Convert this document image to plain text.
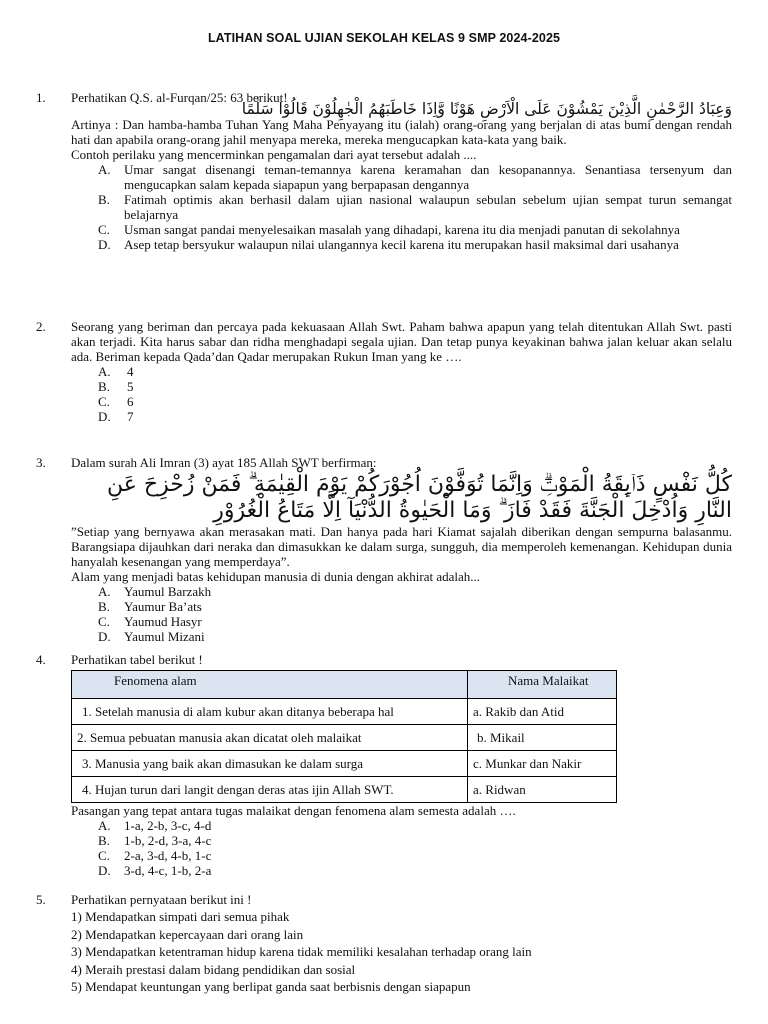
LATIHAN SOAL UJIAN SEKOLAH KELAS 9 SMP 2024-2025
1. Perhatikan Q.S. al-Furqan/25: 63 berikut!
وَعِبَادُ الرَّحْمٰنِ الَّذِيْنَ يَمْشُوْنَ عَلَى الْاَرْضِ هَوْنًا وَّاِذَا خَاطَبَهُمُ الْجٰهِلُوْنَ قَالُوْا سَلٰمًا
Artinya : Dan hamba-hamba Tuhan Yang Maha Penyayang itu (ialah) orang-orang yang berjalan di atas bumi dengan rendah hati dan apabila orang-orang jahil menyapa mereka, mereka mengucapkan kata-kata yang baik.
Contoh perilaku yang mencerminkan pengamalan dari ayat tersebut adalah ....
A. Umar sangat disenangi teman-temannya karena keramahan dan kesopanannya. Senantiasa tersenyum dan mengucapkan salam kepada siapapun yang berpapasan dengannya
B. Fatimah optimis akan berhasil dalam ujian nasional walaupun sebulan sebelum ujian sempat turun semangat belajarnya
C. Usman sangat pandai menyelesaikan masalah yang dihadapi, karena itu dia menjadi panutan di sekolahnya
D. Asep tetap bersyukur walaupun nilai ulangannya kecil karena itu merupakan hasil maksimal dari usahanya
2. Seorang yang beriman dan percaya pada kekuasaan Allah Swt. Paham bahwa apapun yang telah ditentukan Allah Swt. pasti akan terjadi. Kita harus sabar dan ridha menghadapi segala ujian. Dan tetap punya keyakinan bahwa jalan keluar akan selalu ada. Beriman kepada Qada’dan Qadar merupakan Rukun Iman yang ke ….
A. 4
B. 5
C. 6
D. 7
3. Dalam surah Ali Imran (3) ayat 185 Allah SWT berfirman:
كُلُّ نَفْسٍ ذَاۤىِٕقَةُ الْمَوْتِۗ وَاِنَّمَا تُوَفَّوْنَ اُجُوْرَكُمْ يَوْمَ الْقِيٰمَةِ ۗ فَمَنْ زُحْزِحَ عَنِ النَّارِ وَاُدْخِلَ الْجَنَّةَ فَقَدْ فَازَ ۗ وَمَا الْحَيٰوةُ الدُّنْيَآ اِلَّا مَتَاعُ الْغُرُوْرِ
”Setiap yang bernyawa akan merasakan mati. Dan hanya pada hari Kiamat sajalah diberikan dengan sempurna balasanmu. Barangsiapa dijauhkan dari neraka dan dimasukkan ke dalam surga, sungguh, dia memperoleh kemenangan. Kehidupan dunia hanyalah kesenangan yang memperdaya”.
Alam yang menjadi batas kehidupan manusia di dunia dengan akhirat adalah...
A. Yaumul Barzakh
B. Yaumur Ba’ats
C. Yaumud Hasyr
D. Yaumul Mizani
4. Perhatikan tabel berikut !
Fenomena alam	Nama Malaikat
1. Setelah manusia di alam kubur akan ditanya beberapa hal	a. Rakib dan Atid
2. Semua pebuatan manusia akan dicatat oleh malaikat	b. Mikail
3. Manusia yang baik akan dimasukan ke dalam surga	c. Munkar dan Nakir
4. Hujan turun dari langit dengan deras atas ijin Allah SWT.	a. Ridwan
Pasangan yang tepat antara tugas malaikat dengan fenomena alam semesta adalah ….
A. 1-a, 2-b, 3-c, 4-d
B. 1-b, 2-d, 3-a, 4-c
C. 2-a, 3-d, 4-b, 1-c
D. 3-d, 4-c, 1-b, 2-a
5. Perhatikan pernyataan berikut ini !
1) Mendapatkan simpati dari semua pihak
2) Mendapatkan kepercayaan dari orang lain
3) Mendapatkan ketentraman hidup karena tidak memiliki kesalahan terhadap orang lain
4) Meraih prestasi dalam bidang pendidikan dan sosial
5) Mendapat keuntungan yang berlipat ganda saat berbisnis dengan siapapun
